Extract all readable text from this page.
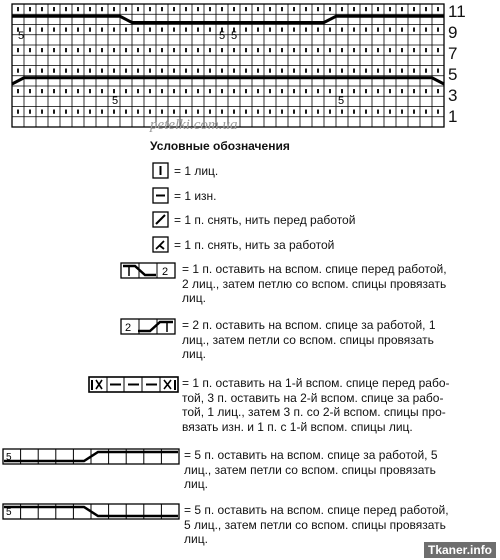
5	5 5
5	5
11
9
7
5
3
1
petelki.com.ua
Условные обозначения
= 1 лиц.
= 1 изн.
= 1 п. снять, нить перед работой
= 1 п. снять, нить за работой
2 = 1 п. оставить на вспом. спице перед работой,
2 лиц., затем петлю со вспом. спицы провязать
лиц.
2	= 2 п. оставить на вспом. спице за работой, 1
лиц., затем петли со вспом. спицы провязать
лиц.
= 1 п. оставить на 1-й вспом. спице перед рабо-
той, 3 п. оставить на 2-й вспом. спице за рабо-
той, 1 лиц., затем 3 п. со 2-й вспом. спицы про-
вязать изн. и 1 п. с 1-й вспом. спицы лиц.
5	= 5 п. оставить на вспом. спице за работой, 5
лиц., затем петли со вспом. спицы провязать
лиц.
5	= 5 п. оставить на вспом. спице перед работой,
5 лиц., затем петли со вспом. спицы провязать
лиц.
Tkaner.info
